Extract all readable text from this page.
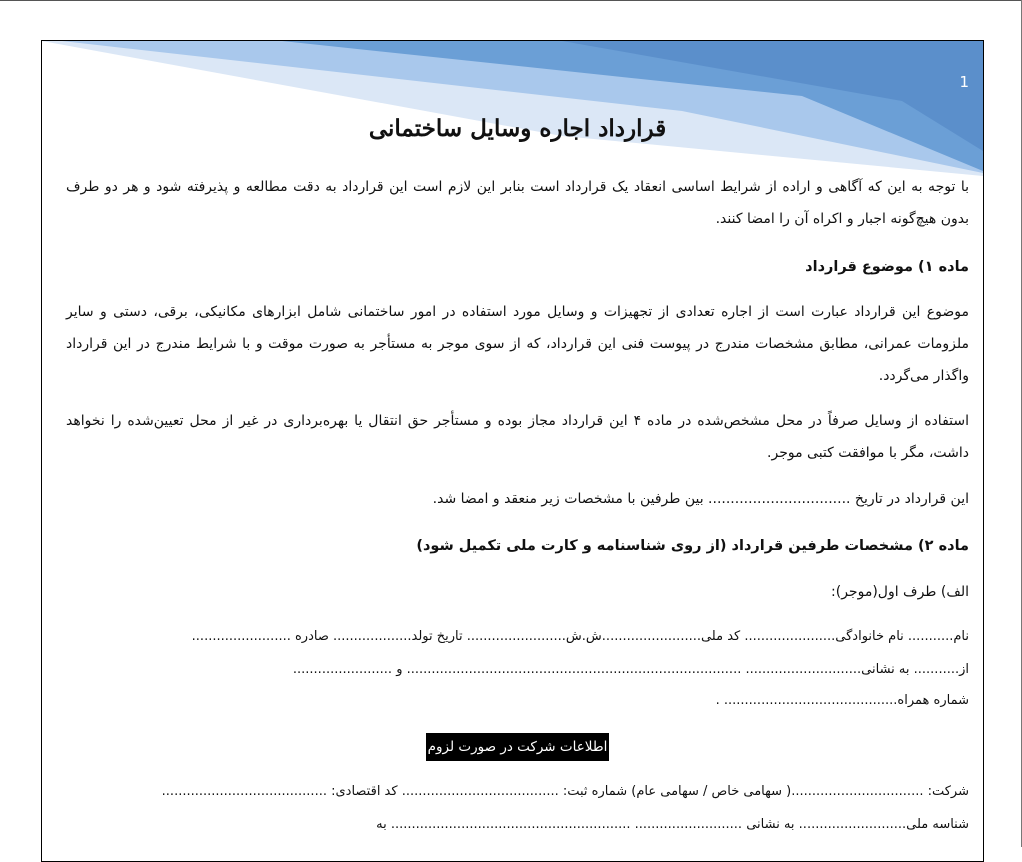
1
قرارداد اجاره وسایل ساختمانی
با توجه به این که آگاهی و اراده از شرایط اساسی انعقاد یک قرارداد است بنابر این لازم است این قرارداد به دقت مطالعه و پذیرفته شود و هر دو طرف بدون هیچ‌گونه اجبار و اکراه آن را امضا کنند.
ماده ۱) موضوع قرارداد
موضوع این قرارداد عبارت است از اجاره تعدادی از تجهیزات و وسایل مورد استفاده در امور ساختمانی شامل ابزارهای مکانیکی، برقی، دستی و سایر ملزومات عمرانی، مطابق مشخصات مندرج در پیوست فنی این قرارداد، که از سوی موجر به مستأجر به صورت موقت و با شرایط مندرج در این قرارداد واگذار می‌گردد.
استفاده از وسایل صرفاً در محل مشخص‌شده در ماده ۴ این قرارداد مجاز بوده و مستأجر حق انتقال یا بهره‌برداری در غیر از محل تعیین‌شده را نخواهد داشت، مگر با موافقت کتبی موجر.
این قرارداد در تاریخ ................................ بین طرفین با مشخصات زیر منعقد و امضا شد.
ماده ۲) مشخصات طرفین قرارداد (از روی شناسنامه و کارت ملی تکمیل شود)
الف) طرف اول(موجر):
نام........... نام خانوادگی...................... کد ملی........................ش.ش........................ تاریخ تولد................... صادره ........................
از........... به نشانی............................ ................................................................................. و ........................
شماره همراه.......................................... .
اطلاعات شرکت در صورت لزوم
شرکت: ................................( سهامی خاص / سهامی عام) شماره ثبت: ...................................... کد اقتصادی: ........................................
شناسه ملی.......................... به نشانی .......................... .......................................................... به
